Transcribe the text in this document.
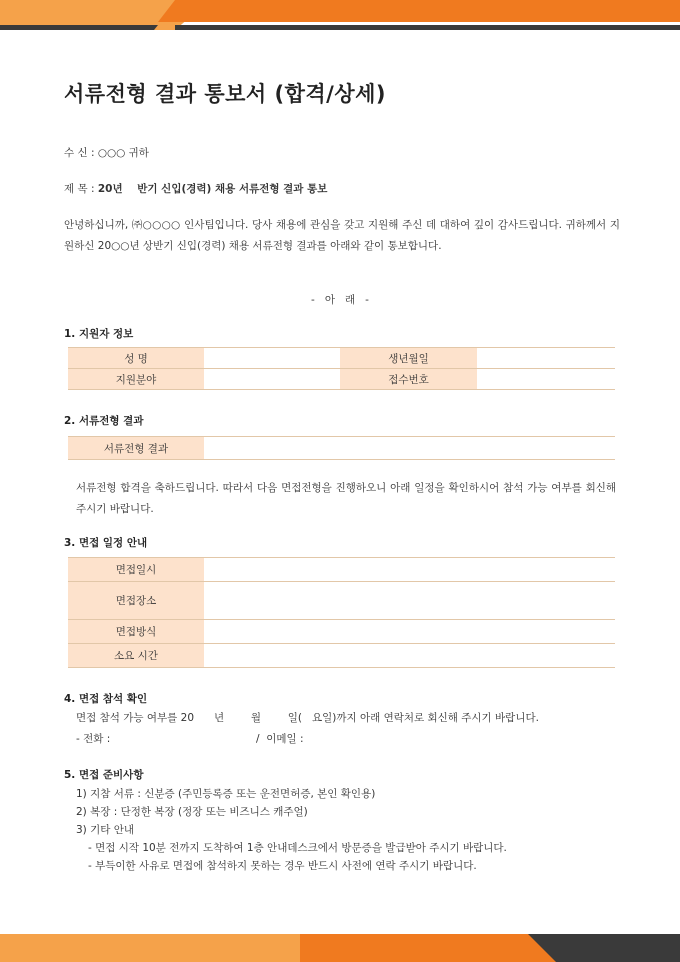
서류전형 결과 통보서 (합격/상세)
수 신 : ○○○ 귀하
제 목 : 20년    반기 신입(경력) 채용 서류전형 결과 통보
안녕하십니까, ㈜○○○○ 인사팀입니다. 당사 채용에 관심을 갖고 지원해 주신 데 대하여 깊이 감사드립니다. 귀하께서 지원하신 20○○년 상반기 신입(경력) 채용 서류전형 결과를 아래와 같이 통보합니다.
-   아   래   -
1. 지원자 정보
성 명		생년월일	
지원분야		접수번호	
2. 서류전형 결과
서류전형 결과	
서류전형 합격을 축하드립니다. 따라서 다음 면접전형을 진행하오니 아래 일정을 확인하시어 참석 가능 여부를 회신해 주시기 바랍니다.
3. 면접 일정 안내
면접일시	
면접장소	
면접방식	
소요 시간	
4. 면접 참석 확인
면접 참석 가능 여부를 20      년        월        일(   요일)까지 아래 연락처로 회신해 주시기 바랍니다.
- 전화 :	/  이메일 :
5. 면접 준비사항
1) 지참 서류 : 신분증 (주민등록증 또는 운전면허증, 본인 확인용)
2) 복장 : 단정한 복장 (정장 또는 비즈니스 캐주얼)
3) 기타 안내
- 면접 시작 10분 전까지 도착하여 1층 안내데스크에서 방문증을 발급받아 주시기 바랍니다.
- 부득이한 사유로 면접에 참석하지 못하는 경우 반드시 사전에 연락 주시기 바랍니다.
